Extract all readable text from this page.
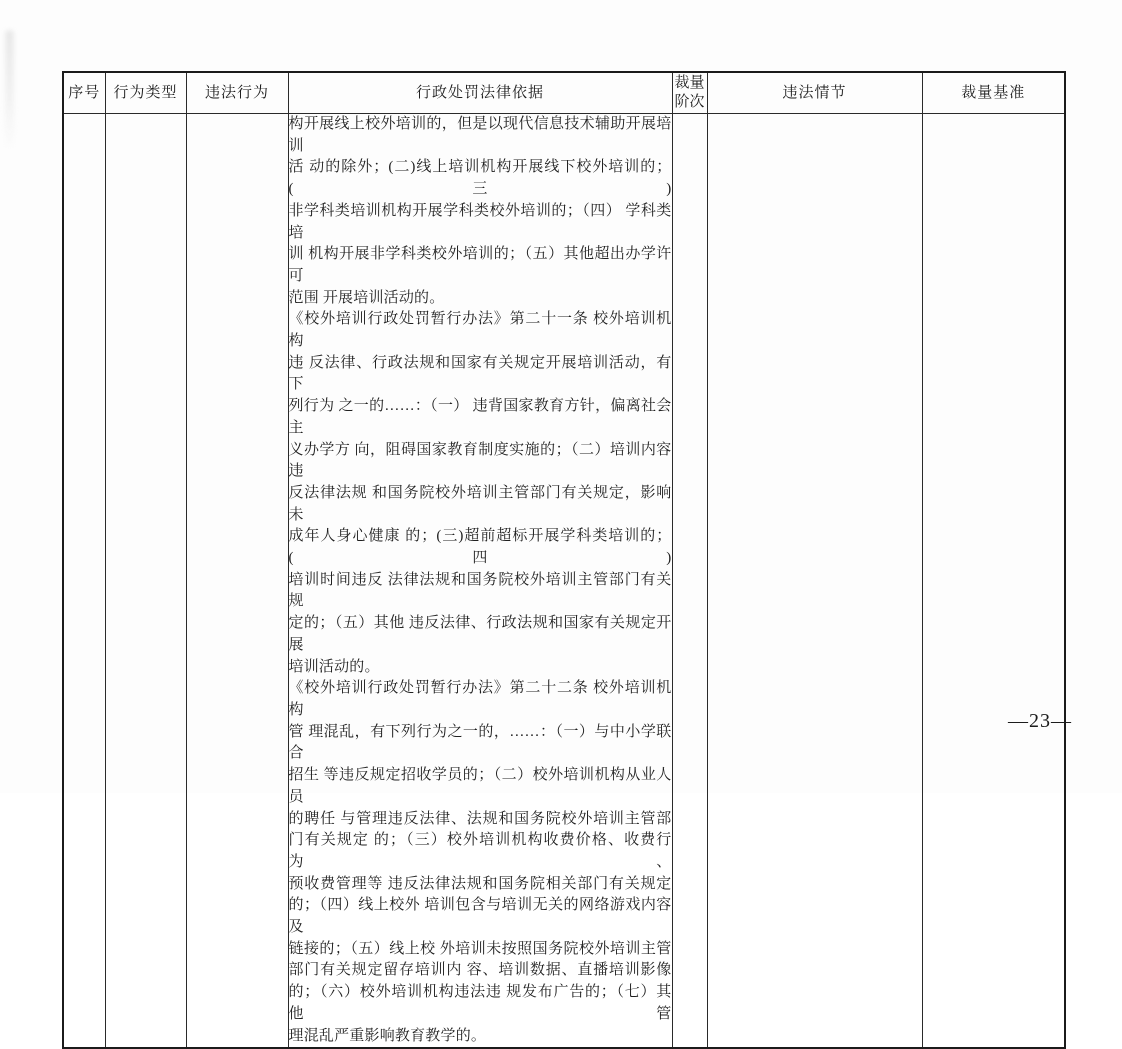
序号	行为类型	违法行为	行政处罚法律依据	裁量阶次	违法情节	裁量基准

构开展线上校外培训的，但是以现代信息技术辅助开展培训
活 动的除外；(二)线上培训机构开展线下校外培训的；(三)
非学科类培训机构开展学科类校外培训的；（四） 学科类培
训 机构开展非学科类校外培训的；（五）其他超出办学许可
范围 开展培训活动的。
《校外培训行政处罚暂行办法》第二十一条 校外培训机构
违 反法律、行政法规和国家有关规定开展培训活动，有下
列行为 之一的……：（一） 违背国家教育方针，偏离社会主
义办学方 向，阻碍国家教育制度实施的；（二）培训内容违
反法律法规 和国务院校外培训主管部门有关规定，影响未
成年人身心健康 的；(三)超前超标开展学科类培训的；(四)
培训时间违反 法律法规和国务院校外培训主管部门有关规
定的；（五）其他 违反法律、行政法规和国家有关规定开展
培训活动的。
《校外培训行政处罚暂行办法》第二十二条 校外培训机构
管 理混乱，有下列行为之一的，……：（一）与中小学联合
招生 等违反规定招收学员的；（二）校外培训机构从业人员
的聘任 与管理违反法律、法规和国务院校外培训主管部
门有关规定 的；（三）校外培训机构收费价格、收费行为、
预收费管理等 违反法律法规和国务院相关部门有关规定
的；（四）线上校外 培训包含与培训无关的网络游戏内容及
链接的；（五）线上校 外培训未按照国务院校外培训主管
部门有关规定留存培训内 容、培训数据、直播培训影像
的；（六）校外培训机构违法违 规发布广告的；（七）其他管
理混乱严重影响教育教学的。

—23—
